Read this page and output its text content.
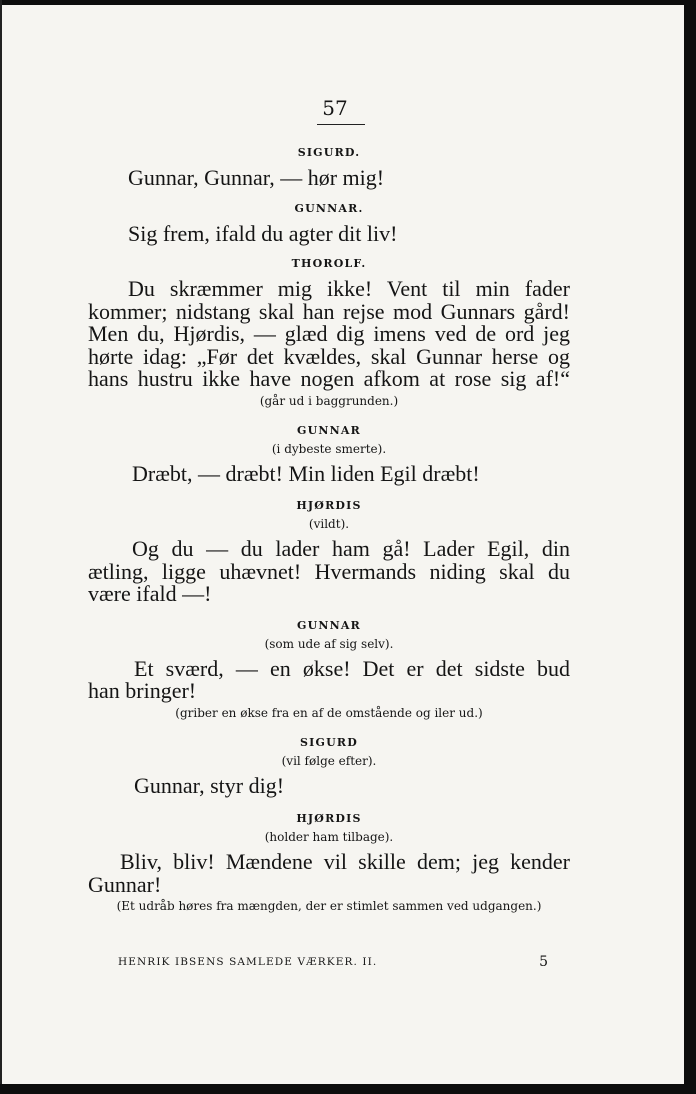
57
SIGURD.
Gunnar, Gunnar, — hør mig!
GUNNAR.
Sig frem, ifald du agter dit liv!
THOROLF.
Du skræmmer mig ikke! Vent til min fader
kommer; nidstang skal han rejse mod Gunnars gård!
Men du, Hjørdis, — glæd dig imens ved de ord jeg
hørte idag: „Før det kvældes, skal Gunnar herse og
hans hustru ikke have nogen afkom at rose sig af!“
(går ud i baggrunden.)
GUNNAR
(i dybeste smerte).
Dræbt, — dræbt! Min liden Egil dræbt!
HJØRDIS
(vildt).
Og du — du lader ham gå! Lader Egil, din
ætling, ligge uhævnet! Hvermands niding skal du
være ifald —!
GUNNAR
(som ude af sig selv).
Et sværd, — en økse! Det er det sidste bud
han bringer!
(griber en økse fra en af de omstående og iler ud.)
SIGURD
(vil følge efter).
Gunnar, styr dig!
HJØRDIS
(holder ham tilbage).
Bliv, bliv! Mændene vil skille dem; jeg kender
Gunnar!
(Et udråb høres fra mængden, der er stimlet sammen ved udgangen.)
HENRIK IBSENS SAMLEDE VÆRKER. II.	5
